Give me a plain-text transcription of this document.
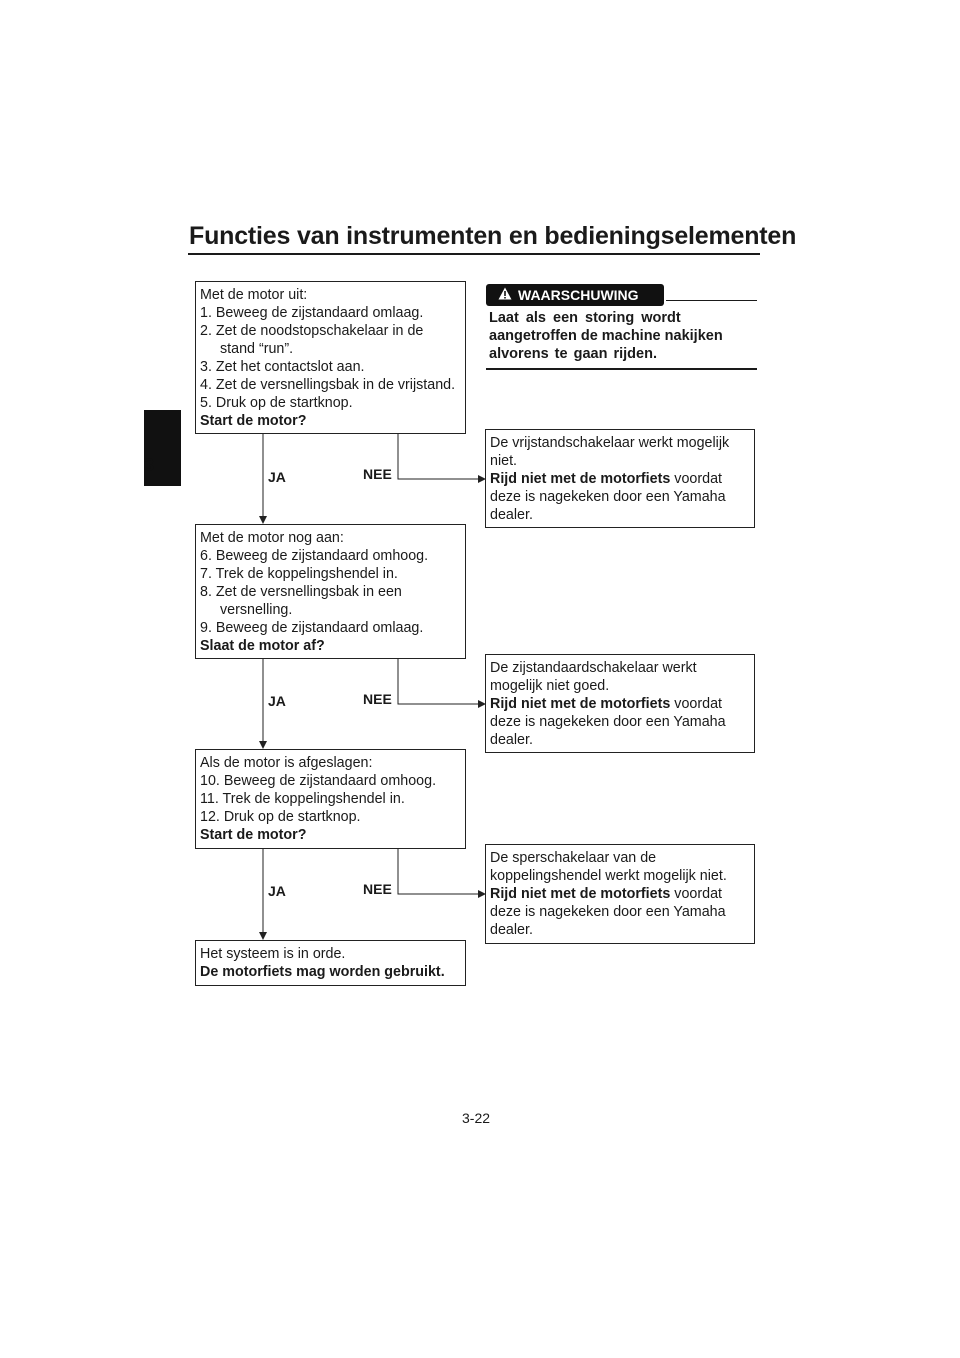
Functies van instrumenten en bedieningselementen
3
Met de motor uit:
1. Beweeg de zijstandaard omlaag.
2. Zet de noodstopschakelaar in de
stand “run”.
3. Zet het contactslot aan.
4. Zet de versnellingsbak in de vrijstand.
5. Druk op de startknop.
Start de motor?
Met de motor nog aan:
6. Beweeg de zijstandaard omhoog.
7. Trek de koppelingshendel in.
8. Zet de versnellingsbak in een
versnelling.
9. Beweeg de zijstandaard omlaag.
Slaat de motor af?
Als de motor is afgeslagen:
10. Beweeg de zijstandaard omhoog.
11. Trek de koppelingshendel in.
12. Druk op de startknop.
Start de motor?
Het systeem is in orde.
De motorfiets mag worden gebruikt.
WAARSCHUWING
Laat als een storing wordt
aangetroffen de machine nakijken
alvorens te gaan rijden.
De vrijstandschakelaar werkt mogelijk
niet.
Rijd niet met de motorfiets voordat
deze is nagekeken door een Yamaha
dealer.
De zijstandaardschakelaar werkt
mogelijk niet goed.
Rijd niet met de motorfiets voordat
deze is nagekeken door een Yamaha
dealer.
De sperschakelaar van de
koppelingshendel werkt mogelijk niet.
Rijd niet met de motorfiets voordat
deze is nagekeken door een Yamaha
dealer.
JA	NEE
JA	NEE
JA	NEE
3-22
